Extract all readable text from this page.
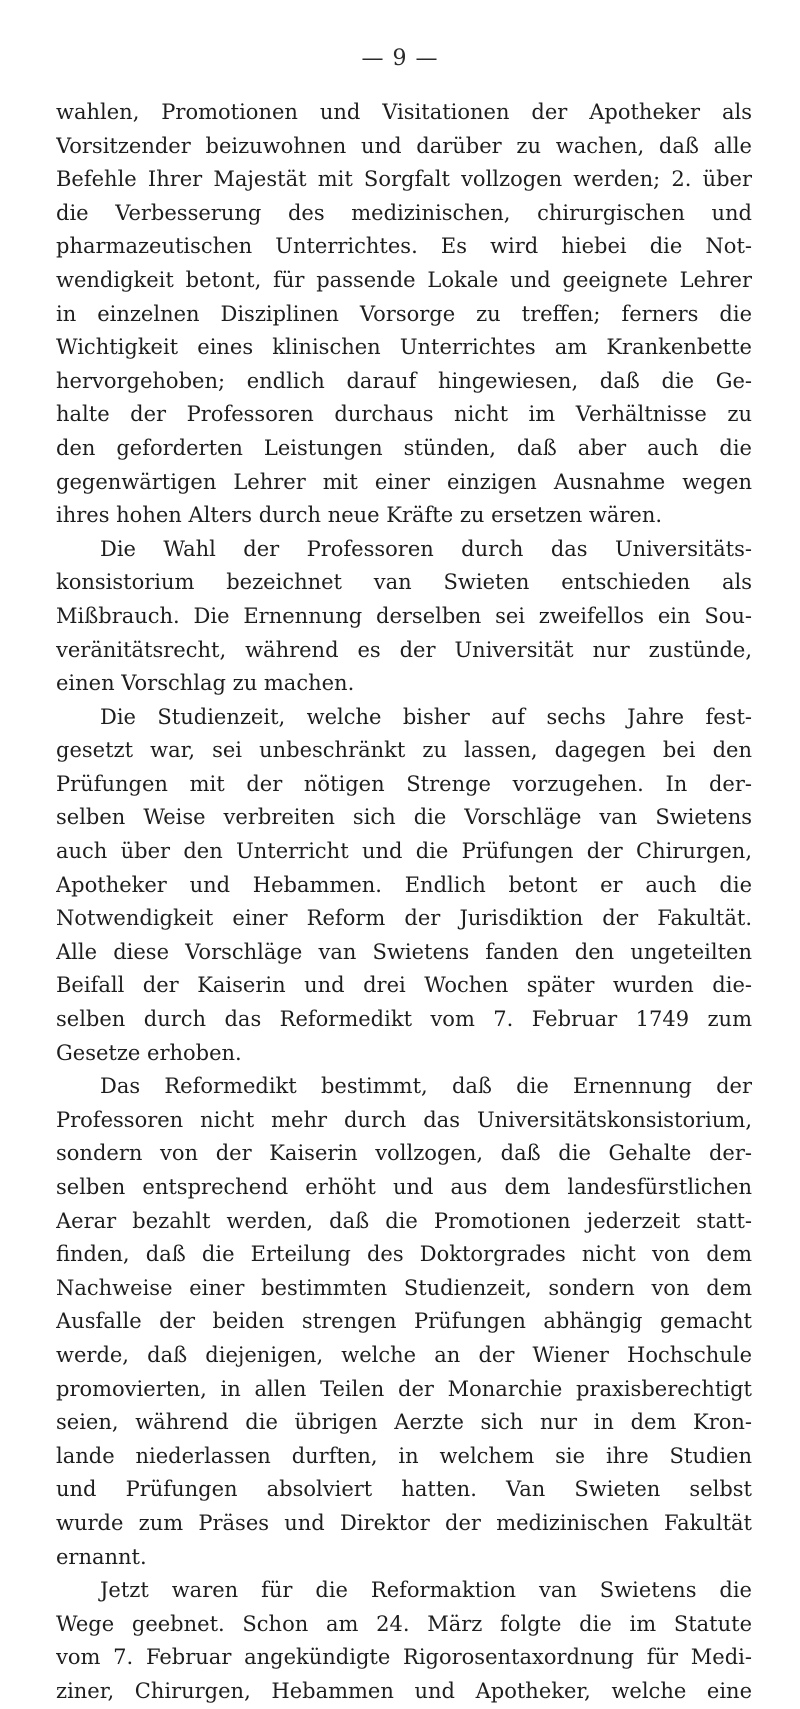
— 9 —
wahlen, Promotionen und Visitationen der Apotheker als
Vorsitzender beizuwohnen und darüber zu wachen, daß alle
Befehle Ihrer Majestät mit Sorgfalt vollzogen werden; 2. über
die Verbesserung des medizinischen, chirurgischen und
pharmazeutischen Unterrichtes. Es wird hiebei die Not-
wendigkeit betont, für passende Lokale und geeignete Lehrer
in einzelnen Disziplinen Vorsorge zu treffen; ferners die
Wichtigkeit eines klinischen Unterrichtes am Krankenbette
hervorgehoben; endlich darauf hingewiesen, daß die Ge-
halte der Professoren durchaus nicht im Verhältnisse zu
den geforderten Leistungen stünden, daß aber auch die
gegenwärtigen Lehrer mit einer einzigen Ausnahme wegen
ihres hohen Alters durch neue Kräfte zu ersetzen wären.
Die Wahl der Professoren durch das Universitäts-
konsistorium bezeichnet van Swieten entschieden als
Mißbrauch. Die Ernennung derselben sei zweifellos ein Sou-
veränitätsrecht, während es der Universität nur zustünde,
einen Vorschlag zu machen.
Die Studienzeit, welche bisher auf sechs Jahre fest-
gesetzt war, sei unbeschränkt zu lassen, dagegen bei den
Prüfungen mit der nötigen Strenge vorzugehen. In der-
selben Weise verbreiten sich die Vorschläge van Swietens
auch über den Unterricht und die Prüfungen der Chirurgen,
Apotheker und Hebammen. Endlich betont er auch die
Notwendigkeit einer Reform der Jurisdiktion der Fakultät.
Alle diese Vorschläge van Swietens fanden den ungeteilten
Beifall der Kaiserin und drei Wochen später wurden die-
selben durch das Reformedikt vom 7. Februar 1749 zum
Gesetze erhoben.
Das Reformedikt bestimmt, daß die Ernennung der
Professoren nicht mehr durch das Universitätskonsistorium,
sondern von der Kaiserin vollzogen, daß die Gehalte der-
selben entsprechend erhöht und aus dem landesfürstlichen
Aerar bezahlt werden, daß die Promotionen jederzeit statt-
finden, daß die Erteilung des Doktorgrades nicht von dem
Nachweise einer bestimmten Studienzeit, sondern von dem
Ausfalle der beiden strengen Prüfungen abhängig gemacht
werde, daß diejenigen, welche an der Wiener Hochschule
promovierten, in allen Teilen der Monarchie praxisberechtigt
seien, während die übrigen Aerzte sich nur in dem Kron-
lande niederlassen durften, in welchem sie ihre Studien
und Prüfungen absolviert hatten. Van Swieten selbst
wurde zum Präses und Direktor der medizinischen Fakultät
ernannt.
Jetzt waren für die Reformaktion van Swietens die
Wege geebnet. Schon am 24. März folgte die im Statute
vom 7. Februar angekündigte Rigorosentaxordnung für Medi-
ziner, Chirurgen, Hebammen und Apotheker, welche eine
